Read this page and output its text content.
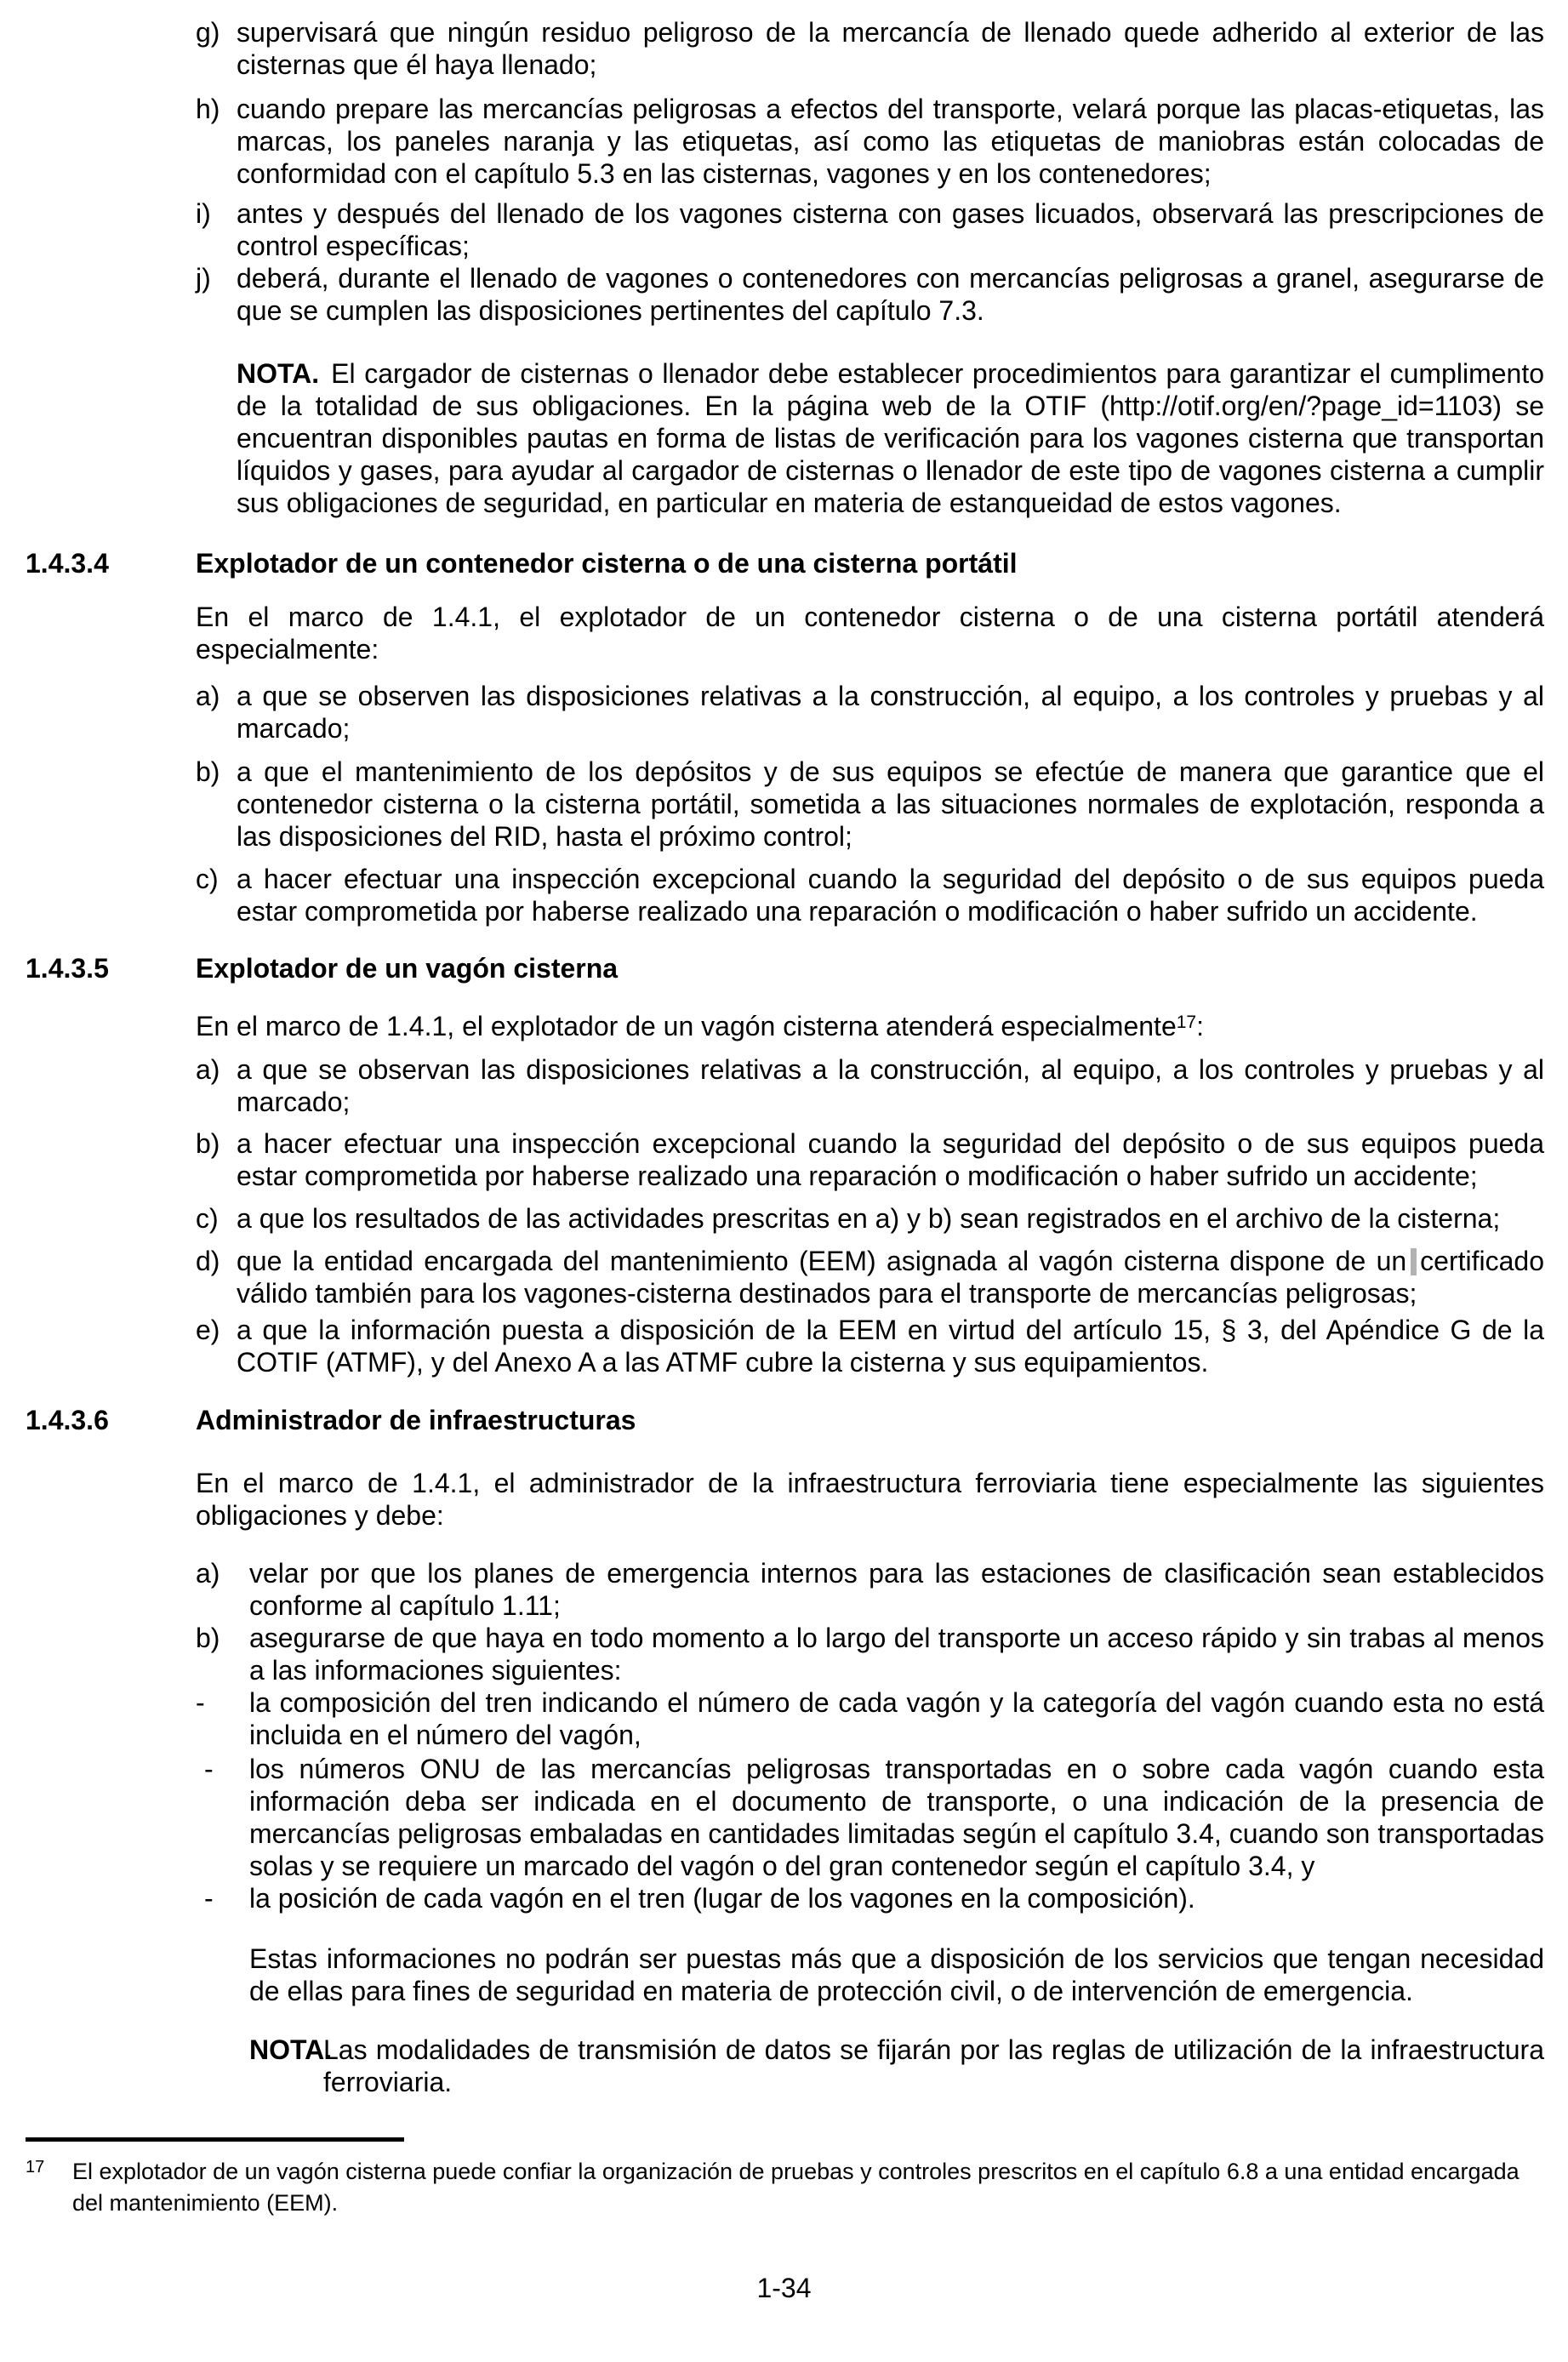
g) supervisará que ningún residuo peligroso de la mercancía de llenado quede adherido al exterior de las cisternas que él haya llenado;
h) cuando prepare las mercancías peligrosas a efectos del transporte, velará porque las placas-etiquetas, las marcas, los paneles naranja y las etiquetas, así como las etiquetas de maniobras están colocadas de conformidad con el capítulo 5.3 en las cisternas, vagones y en los contenedores;
i) antes y después del llenado de los vagones cisterna con gases licuados, observará las prescripciones de control específicas;
j) deberá, durante el llenado de vagones o contenedores con mercancías peligrosas a granel, asegurarse de que se cumplen las disposiciones pertinentes del capítulo 7.3.
NOTA. El cargador de cisternas o llenador debe establecer procedimientos para garantizar el cumplimento de la totalidad de sus obligaciones. En la página web de la OTIF (http://otif.org/en/?page_id=1103) se encuentran disponibles pautas en forma de listas de verificación para los vagones cisterna que transportan líquidos y gases, para ayudar al cargador de cisternas o llenador de este tipo de vagones cisterna a cumplir sus obligaciones de seguridad, en particular en materia de estanqueidad de estos vagones.
1.4.3.4	Explotador de un contenedor cisterna o de una cisterna portátil
En el marco de 1.4.1, el explotador de un contenedor cisterna o de una cisterna portátil atenderá especialmente:
a) a que se observen las disposiciones relativas a la construcción, al equipo, a los controles y pruebas y al marcado;
b) a que el mantenimiento de los depósitos y de sus equipos se efectúe de manera que garantice que el contenedor cisterna o la cisterna portátil, sometida a las situaciones normales de explotación, responda a las disposiciones del RID, hasta el próximo control;
c) a hacer efectuar una inspección excepcional cuando la seguridad del depósito o de sus equipos pueda estar comprometida por haberse realizado una reparación o modificación o haber sufrido un accidente.
1.4.3.5	Explotador de un vagón cisterna
En el marco de 1.4.1, el explotador de un vagón cisterna atenderá especialmente$^{17}$:
a) a que se observan las disposiciones relativas a la construcción, al equipo, a los controles y pruebas y al marcado;
b) a hacer efectuar una inspección excepcional cuando la seguridad del depósito o de sus equipos pueda estar comprometida por haberse realizado una reparación o modificación o haber sufrido un accidente;
c) a que los resultados de las actividades prescritas en a) y b) sean registrados en el archivo de la cisterna;
d) que la entidad encargada del mantenimiento (EEM) asignada al vagón cisterna dispone de un certificado válido también para los vagones-cisterna destinados para el transporte de mercancías peligrosas;
e) a que la información puesta a disposición de la EEM en virtud del artículo 15, § 3, del Apéndice G de la COTIF (ATMF), y del Anexo A a las ATMF cubre la cisterna y sus equipamientos.
1.4.3.6	Administrador de infraestructuras
En el marco de 1.4.1, el administrador de la infraestructura ferroviaria tiene especialmente las siguientes obligaciones y debe:
a) velar por que los planes de emergencia internos para las estaciones de clasificación sean establecidos conforme al capítulo 1.11;
b) asegurarse de que haya en todo momento a lo largo del transporte un acceso rápido y sin trabas al menos a las informaciones siguientes:
- la composición del tren indicando el número de cada vagón y la categoría del vagón cuando esta no está incluida en el número del vagón,
- los números ONU de las mercancías peligrosas transportadas en o sobre cada vagón cuando esta información deba ser indicada en el documento de transporte, o una indicación de la presencia de mercancías peligrosas embaladas en cantidades limitadas según el capítulo 3.4, cuando son transportadas solas y se requiere un marcado del vagón o del gran contenedor según el capítulo 3.4, y
- la posición de cada vagón en el tren (lugar de los vagones en la composición).
Estas informaciones no podrán ser puestas más que a disposición de los servicios que tengan necesidad de ellas para fines de seguridad en materia de protección civil, o de intervención de emergencia.
NOTA.
Las modalidades de transmisión de datos se fijarán por las reglas de utilización de la infraestructura ferroviaria.
17 El explotador de un vagón cisterna puede confiar la organización de pruebas y controles prescritos en el capítulo 6.8 a una entidad encargada del mantenimiento (EEM).
1-34
